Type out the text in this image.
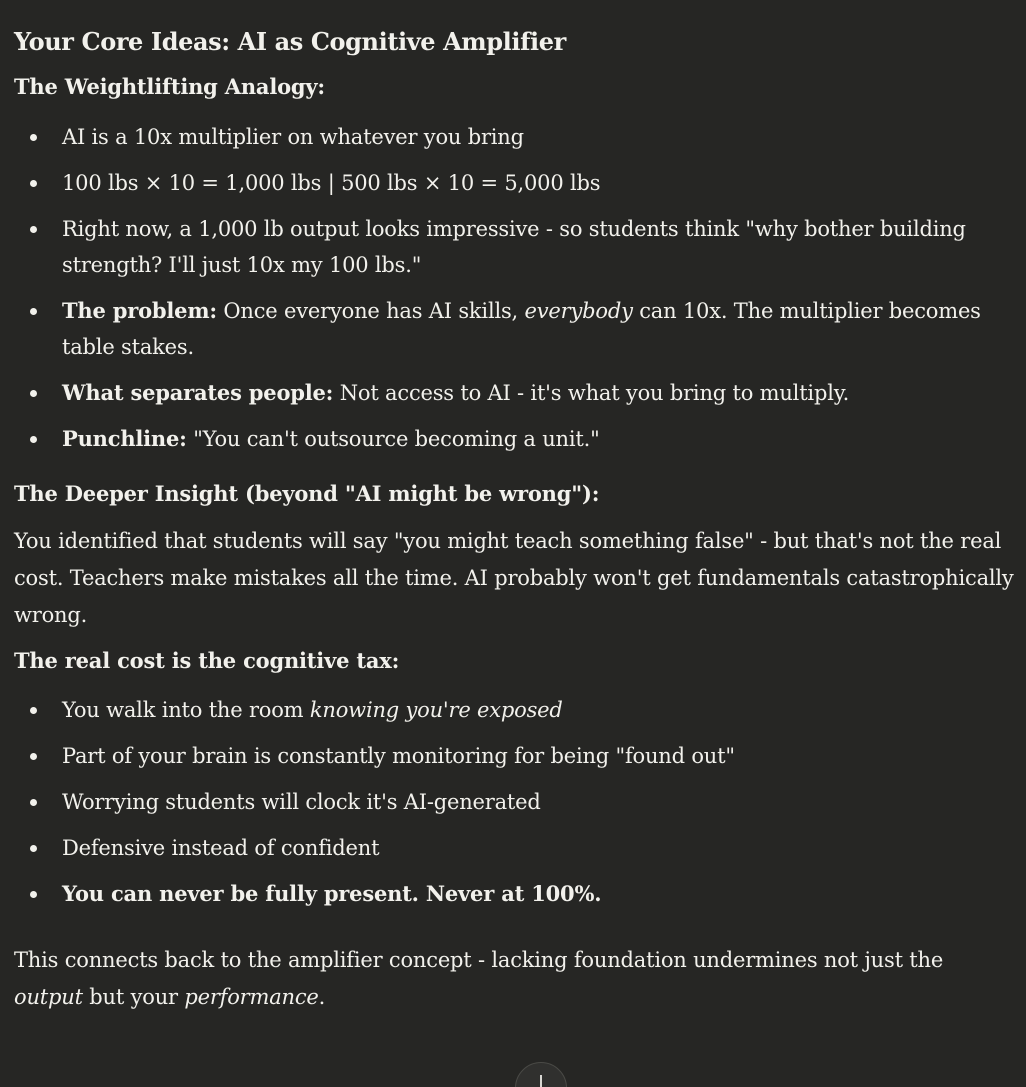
Your Core Ideas: AI as Cognitive Amplifier

The Weightlifting Analogy:

AI is a 10x multiplier on whatever you bring
100 lbs × 10 = 1,000 lbs | 500 lbs × 10 = 5,000 lbs
Right now, a 1,000 lb output looks impressive - so students think "why bother building strength? I'll just 10x my 100 lbs."
The problem: Once everyone has AI skills, everybody can 10x. The multiplier becomes table stakes.
What separates people: Not access to AI - it's what you bring to multiply.
Punchline: "You can't outsource becoming a unit."

The Deeper Insight (beyond "AI might be wrong"):

You identified that students will say "you might teach something false" - but that's not the real cost. Teachers make mistakes all the time. AI probably won't get fundamentals catastrophically wrong.

The real cost is the cognitive tax:

You walk into the room knowing you're exposed
Part of your brain is constantly monitoring for being "found out"
Worrying students will clock it's AI-generated
Defensive instead of confident
You can never be fully present. Never at 100%.

This connects back to the amplifier concept - lacking foundation undermines not just the output but your performance.
